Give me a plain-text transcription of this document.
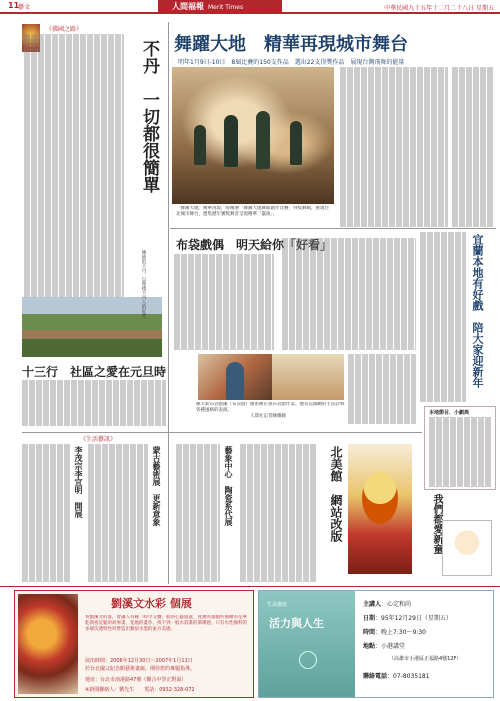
11
藝文	人間福報 Merit Times	中華民國九十五年十二月二十八日 星期五
《佛國之路》
不丹　一切都很簡單
傳統的不丹，以尊樸不丹人的好學。
十三行　社區之愛在元旦時
舞躍大地　精華再現城市舞台
明年1月9日-10日　8屆比賽的150支作品　選出22支得獎作品　展現台灣飛舞的能量
「舞躍大地」精華再現，將精選「舞躍大地舞蹈創作比賽」得獎舞碼，重現台北城市舞台，邀集歷年獲獎舞者呈現精華「靈演」。
宜蘭本地有好戲　陪大家迎新年
布袋戲偶　明天給你「好看」
陳大欽布袋戲團（布袋戲）慶系陳正義布袋戲作業。擅長以細緻的手法詮釋各種風格的表演。
人間社記者陳耀錄
本地節目．小劇典
《生活藝訊》
李茂宗李宜明　開展	蒙古藝術展　更新意象	藝象中心　陶瓷系代展	北美館　網站改版	我們都愛新童
劉溪文水彩 個展
看劉溪文的畫，會讓人有種「時空交疊」般的心靈旅遊，寬廣的畫幅所描繪的是華乾與密沉鬆的故事畫，花地的畫作，找不到一般水彩畫的筆蹟感，只有水性顏料的多層次透明性所營造出類似水墨的東方美感。
展出時間：2006年12月30日～2007年1月11日
於台北國父紀念館藝術畫廊，期待您的專題指導。
地址：台北市南港路47號（聯合中學正對面）
※新聞聯絡人：劉先生　　電話：0932-328-072
生命講座
活力與人生
主講人：心定和尚
日期：95年12月29日（星期五）
時間：晚上7:30～9:30
地點：小港講堂
（高雄市小港區正福路4號12F）
聯絡電話：07-8035181
